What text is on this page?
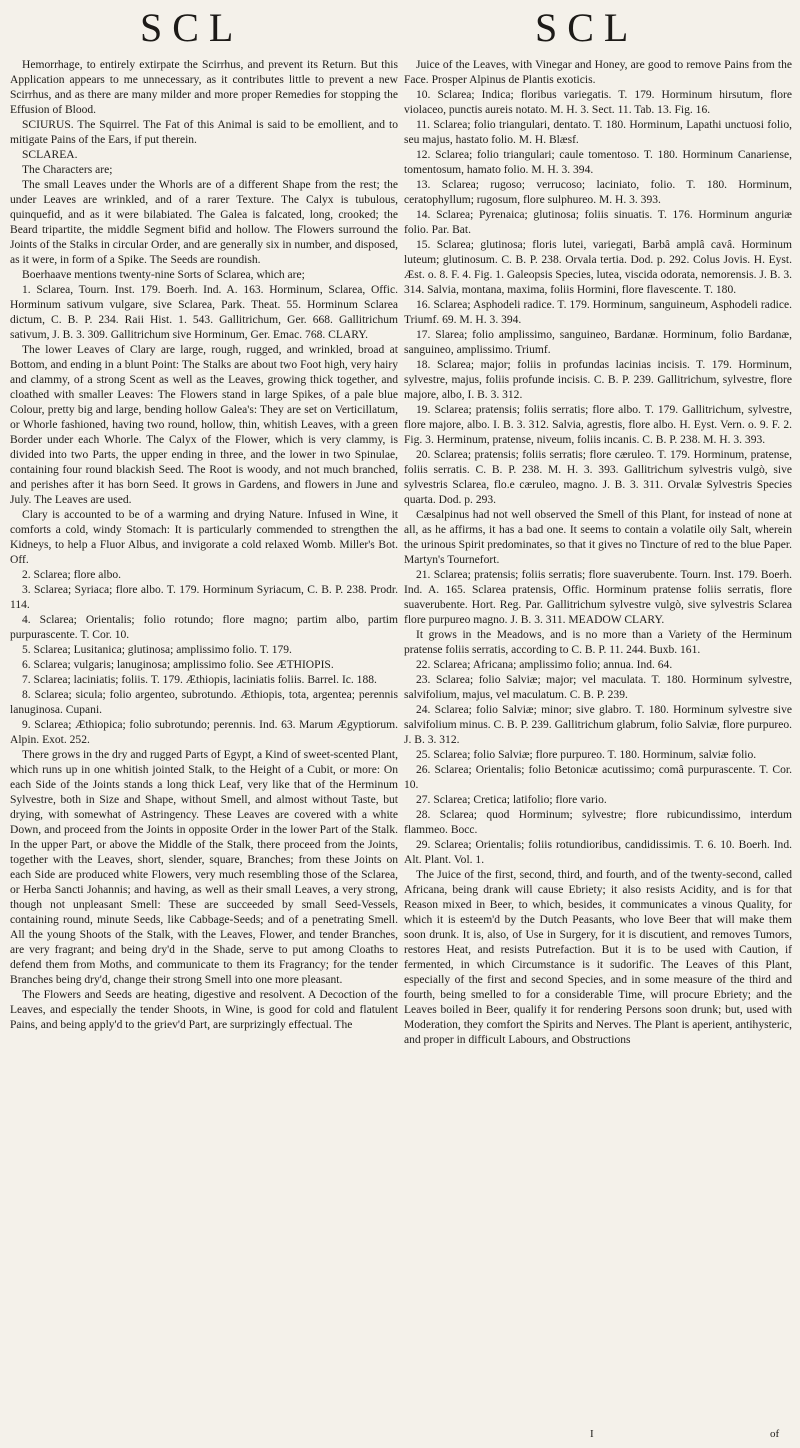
SCL	SCL

Hemorrhage, to entirely extirpate the Scirrhus, and prevent its Return. But this Application appears to me unnecessary, as it contributes little to prevent a new Scirrhus, and as there are many milder and more proper Remedies for stopping the Effusion of Blood.

SCIURUS. The Squirrel. The Fat of this Animal is said to be emollient, and to mitigate Pains of the Ears, if put therein.

SCLAREA.

The Characters are;

The small Leaves under the Whorls are of a different Shape from the rest; the under Leaves are wrinkled, and of a rarer Texture. The Calyx is tubulous, quinquefid, and as it were bilabiated. The Galea is falcated, long, crooked; the Beard tripartite, the middle Segment bifid and hollow. The Flowers surround the Joints of the Stalks in circular Order, and are generally six in number, and disposed, as it were, in form of a Spike. The Seeds are roundish.

Boerhaave mentions twenty-nine Sorts of Sclarea, which are;

1. Sclarea, Tourn. Inst. 179. Boerh. Ind. A. 163. Horminum, Sclarea, Offic. Horminum sativum vulgare, sive Sclarea, Park. Theat. 55. Horminum Sclarea dictum, C. B. P. 234. Raii Hist. 1. 543. Gallitrichum, Ger. 668. Gallitrichum sativum, J. B. 3. 309. Gallitrichum sive Horminum, Ger. Emac. 768. CLARY.

The lower Leaves of Clary are large, rough, rugged, and wrinkled, broad at Bottom, and ending in a blunt Point: The Stalks are about two Foot high, very hairy and clammy, of a strong Scent as well as the Leaves, growing thick together, and cloathed with smaller Leaves: The Flowers stand in large Spikes, of a pale blue Colour, pretty big and large, bending hollow Galea's: They are set on Verticillatum, or Whorle fashioned, having two round, hollow, thin, whitish Leaves, with a green Border under each Whorle. The Calyx of the Flower, which is very clammy, is divided into two Parts, the upper ending in three, and the lower in two Spinulae, containing four round blackish Seed. The Root is woody, and not much branched, and perishes after it has born Seed. It grows in Gardens, and flowers in June and July. The Leaves are used.

Clary is accounted to be of a warming and drying Nature. Infused in Wine, it comforts a cold, windy Stomach: It is particularly commended to strengthen the Kidneys, to help a Fluor Albus, and invigorate a cold relaxed Womb. Miller's Bot. Off.

2. Sclarea; flore albo.

3. Sclarea; Syriaca; flore albo. T. 179. Horminum Syriacum, C. B. P. 238. Prodr. 114.

4. Sclarea; Orientalis; folio rotundo; flore magno; partim albo, partim purpurascente. T. Cor. 10.

5. Sclarea; Lusitanica; glutinosa; amplissimo folio. T. 179.

6. Sclarea; vulgaris; lanuginosa; amplissimo folio. See ÆTHIOPIS.

7. Sclarea; laciniatis; foliis. T. 179. Æthiopis, laciniatis foliis. Barrel. Ic. 188.

8. Sclarea; sicula; folio argenteo, subrotundo. Æthiopis, tota, argentea; perennis lanuginosa. Cupani.

9. Sclarea; Æthiopica; folio subrotundo; perennis. Ind. 63. Marum Ægyptiorum. Alpin. Exot. 252.

There grows in the dry and rugged Parts of Egypt, a Kind of sweet-scented Plant, which runs up in one whitish jointed Stalk, to the Height of a Cubit, or more: On each Side of the Joints stands a long thick Leaf, very like that of the Herminum Sylvestre, both in Size and Shape, without Smell, and almost without Taste, but drying, with somewhat of Astringency. These Leaves are covered with a white Down, and proceed from the Joints in opposite Order in the lower Part of the Stalk. In the upper Part, or above the Middle of the Stalk, there proceed from the Joints, together with the Leaves, short, slender, square, Branches; from these Joints on each Side are produced white Flowers, very much resembling those of the Sclarea, or Herba Sancti Johannis; and having, as well as their small Leaves, a very strong, though not unpleasant Smell: These are succeeded by small Seed-Vessels, containing round, minute Seeds, like Cabbage-Seeds; and of a penetrating Smell. All the young Shoots of the Stalk, with the Leaves, Flower, and tender Branches, are very fragrant; and being dry'd in the Shade, serve to put among Cloaths to defend them from Moths, and communicate to them its Fragrancy; for the tender Branches being dry'd, change their strong Smell into one more pleasant.

The Flowers and Seeds are heating, digestive and resolvent. A Decoction of the Leaves, and especially the tender Shoots, in Wine, is good for cold and flatulent Pains, and being apply'd to the griev'd Part, are surprizingly effectual. The

Juice of the Leaves, with Vinegar and Honey, are good to remove Pains from the Face. Prosper Alpinus de Plantis exoticis.

10. Sclarea; Indica; floribus variegatis. T. 179. Horminum hirsutum, flore violaceo, punctis aureis notato. M. H. 3. Sect. 11. Tab. 13. Fig. 16.

11. Sclarea; folio triangulari, dentato. T. 180. Horminum, Lapathi unctuosi folio, seu majus, hastato folio. M. H. Blæsf.

12. Sclarea; folio triangulari; caule tomentoso. T. 180. Horminum Canariense, tomentosum, hamato folio. M. H. 3. 394.

13. Sclarea; rugoso; verrucoso; laciniato, folio. T. 180. Horminum, ceratophyllum; rugosum, flore sulphureo. M. H. 3. 393.

14. Sclarea; Pyrenaica; glutinosa; foliis sinuatis. T. 176. Horminum anguriæ folio. Par. Bat.

15. Sclarea; glutinosa; floris lutei, variegati, Barbâ amplâ cavâ. Horminum luteum; glutinosum. C. B. P. 238. Orvala tertia. Dod. p. 292. Colus Jovis. H. Eyst. Æst. o. 8. F. 4. Fig. 1. Galeopsis Species, lutea, viscida odorata, nemorensis. J. B. 3. 314. Salvia, montana, maxima, foliis Hormini, flore flavescente. T. 180.

16. Sclarea; Asphodeli radice. T. 179. Horminum, sanguineum, Asphodeli radice. Triumf. 69. M. H. 3. 394.

17. Slarea; folio amplissimo, sanguineo, Bardanæ. Horminum, folio Bardanæ, sanguineo, amplissimo. Triumf.

18. Sclarea; major; foliis in profundas lacinias incisis. T. 179. Horminum, sylvestre, majus, foliis profunde incisis. C. B. P. 239. Gallitrichum, sylvestre, flore majore, albo, I. B. 3. 312.

19. Sclarea; pratensis; foliis serratis; flore albo. T. 179. Gallitrichum, sylvestre, flore majore, albo. I. B. 3. 312. Salvia, agrestis, flore albo. H. Eyst. Vern. o. 9. F. 2. Fig. 3. Herminum, pratense, niveum, foliis incanis. C. B. P. 238. M. H. 3. 393.

20. Sclarea; pratensis; foliis serratis; flore cæruleo. T. 179. Horminum, pratense, foliis serratis. C. B. P. 238. M. H. 3. 393. Gallitrichum sylvestris vulgò, sive sylvestris Sclarea, flo.e cæruleo, magno. J. B. 3. 311. Orvalæ Sylvestris Species quarta. Dod. p. 293.

Cæsalpinus had not well observed the Smell of this Plant, for instead of none at all, as he affirms, it has a bad one. It seems to contain a volatile oily Salt, wherein the urinous Spirit predominates, so that it gives no Tincture of red to the blue Paper. Martyn's Tournefort.

21. Sclarea; pratensis; foliis serratis; flore suaverubente. Tourn. Inst. 179. Boerh. Ind. A. 165. Sclarea pratensis, Offic. Horminum pratense foliis serratis, flore suaverubente. Hort. Reg. Par. Gallitrichum sylvestre vulgò, sive sylvestris Sclarea flore purpureo magno. J. B. 3. 311. MEADOW CLARY.

It grows in the Meadows, and is no more than a Variety of the Herminum pratense foliis serratis, according to C. B. P. 11. 244. Buxb. 161.

22. Sclarea; Africana; amplissimo folio; annua. Ind. 64.

23. Sclarea; folio Salviæ; major; vel maculata. T. 180. Horminum sylvestre, salvifolium, majus, vel maculatum. C. B. P. 239.

24. Sclarea; folio Salviæ; minor; sive glabro. T. 180. Horminum sylvestre sive salvifolium minus. C. B. P. 239. Gallitrichum glabrum, folio Salviæ, flore purpureo. J. B. 3. 312.

25. Sclarea; folio Salviæ; flore purpureo. T. 180. Horminum, salviæ folio.

26. Sclarea; Orientalis; folio Betonicæ acutissimo; comâ purpurascente. T. Cor. 10.

27. Sclarea; Cretica; latifolio; flore vario.

28. Sclarea; quod Horminum; sylvestre; flore rubicundissimo, interdum flammeo. Bocc.

29. Sclarea; Orientalis; foliis rotundioribus, candidissimis. T. 6. 10. Boerh. Ind. Alt. Plant. Vol. 1.

The Juice of the first, second, third, and fourth, and of the twenty-second, called Africana, being drank will cause Ebriety; it also resists Acidity, and is for that Reason mixed in Beer, to which, besides, it communicates a vinous Quality, for which it is esteem'd by the Dutch Peasants, who love Beer that will make them soon drunk. It is, also, of Use in Surgery, for it is discutient, and removes Tumors, restores Heat, and resists Putrefaction. But it is to be used with Caution, if fermented, in which Circumstance is it sudorific. The Leaves of this Plant, especially of the first and second Species, and in some measure of the third and fourth, being smelled to for a considerable Time, will procure Ebriety; and the Leaves boiled in Beer, qualify it for rendering Persons soon drunk; but, used with Moderation, they comfort the Spirits and Nerves. The Plant is aperient, antihysteric, and proper in difficult Labours, and Obstructions

I	of
